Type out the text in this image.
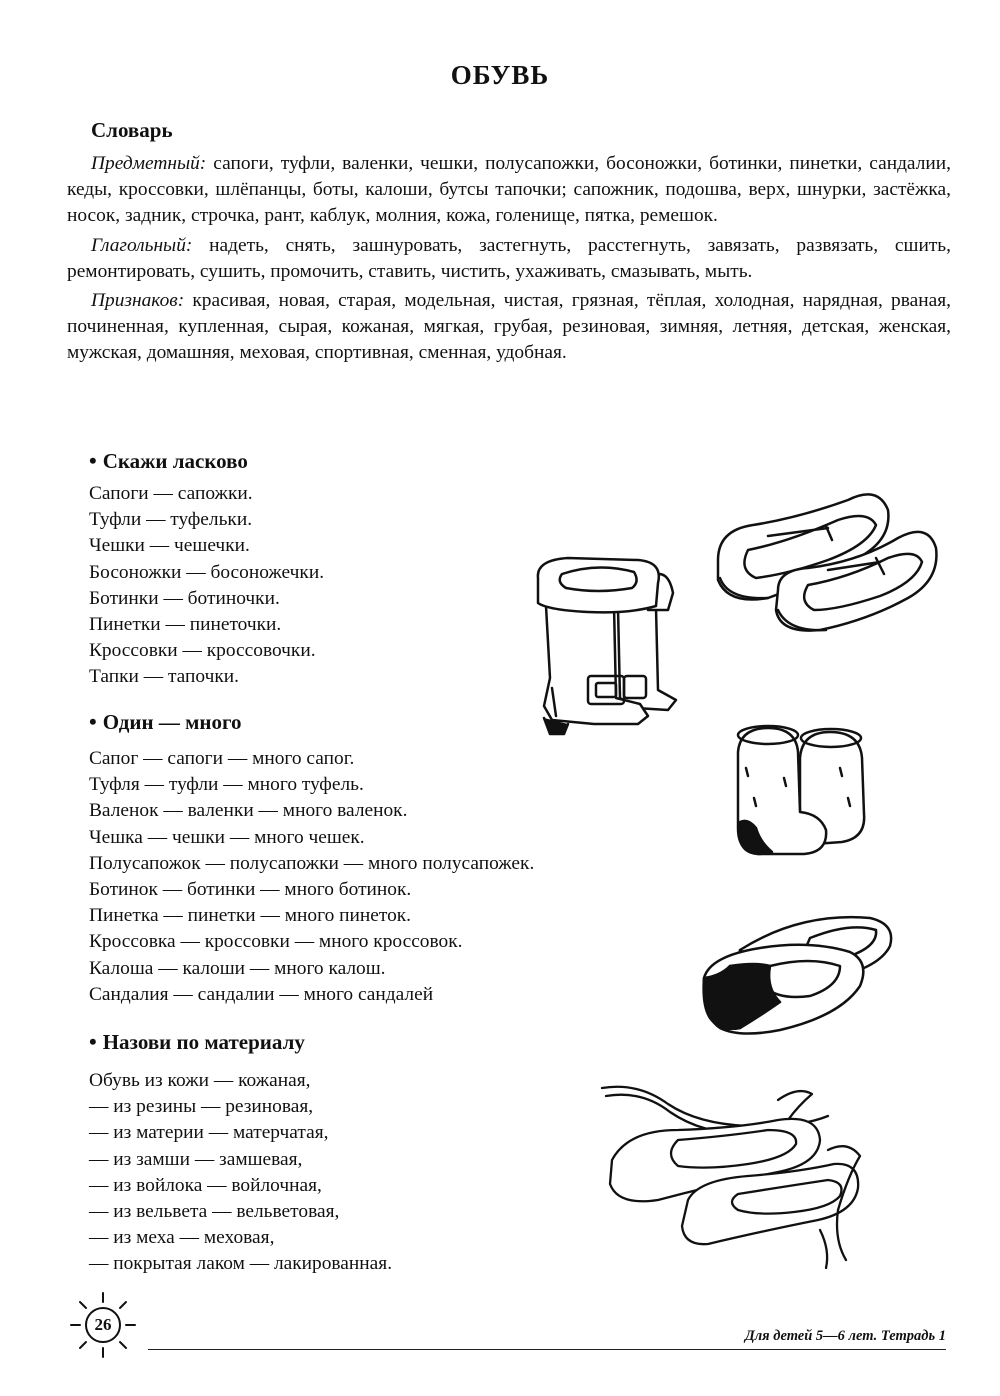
ОБУВЬ
Словарь

Предметный: сапоги, туфли, валенки, чешки, полусапожки, босоножки, ботинки, пинетки, сандалии, кеды, кроссовки, шлёпанцы, боты, калоши, бутсы тапочки; сапожник, подошва, верх, шнурки, застёжка, носок, задник, строчка, рант, каблук, молния, кожа, голенище, пятка, ремешок.

Глагольный: надеть, снять, зашнуровать, застегнуть, расстегнуть, завязать, развязать, сшить, ремонтировать, сушить, промочить, ставить, чистить, ухаживать, смазывать, мыть.

Признаков: красивая, новая, старая, модельная, чистая, грязная, тёплая, холодная, нарядная, рваная, починенная, купленная, сырая, кожаная, мягкая, грубая, резиновая, зимняя, летняя, детская, женская, мужская, домашняя, меховая, спортивная, сменная, удобная.

• Скажи ласково
Сапоги — сапожки.
Туфли — туфельки.
Чешки — чешечки.
Босоножки — босоножечки.
Ботинки — ботиночки.
Пинетки — пинеточки.
Кроссовки — кроссовочки.
Тапки — тапочки.
• Один — много
Сапог — сапоги — много сапог.
Туфля — туфли — много туфель.
Валенок — валенки — много валенок.
Чешка — чешки — много чешек.
Полусапожок — полусапожки — много полусапожек.
Ботинок — ботинки — много ботинок.
Пинетка — пинетки — много пинеток.
Кроссовка — кроссовки — много кроссовок.
Калоша — калоши — много калош.
Сандалия — сандалии — много сандалей
• Назови по материалу
Обувь из кожи — кожаная,
— из резины — резиновая,
— из материи — матерчатая,
— из замши — замшевая,
— из войлока — войлочная,
— из вельвета — вельветовая,
— из меха — меховая,
— покрытая лаком — лакированная.
26
Для детей 5—6 лет. Тетрадь 1
